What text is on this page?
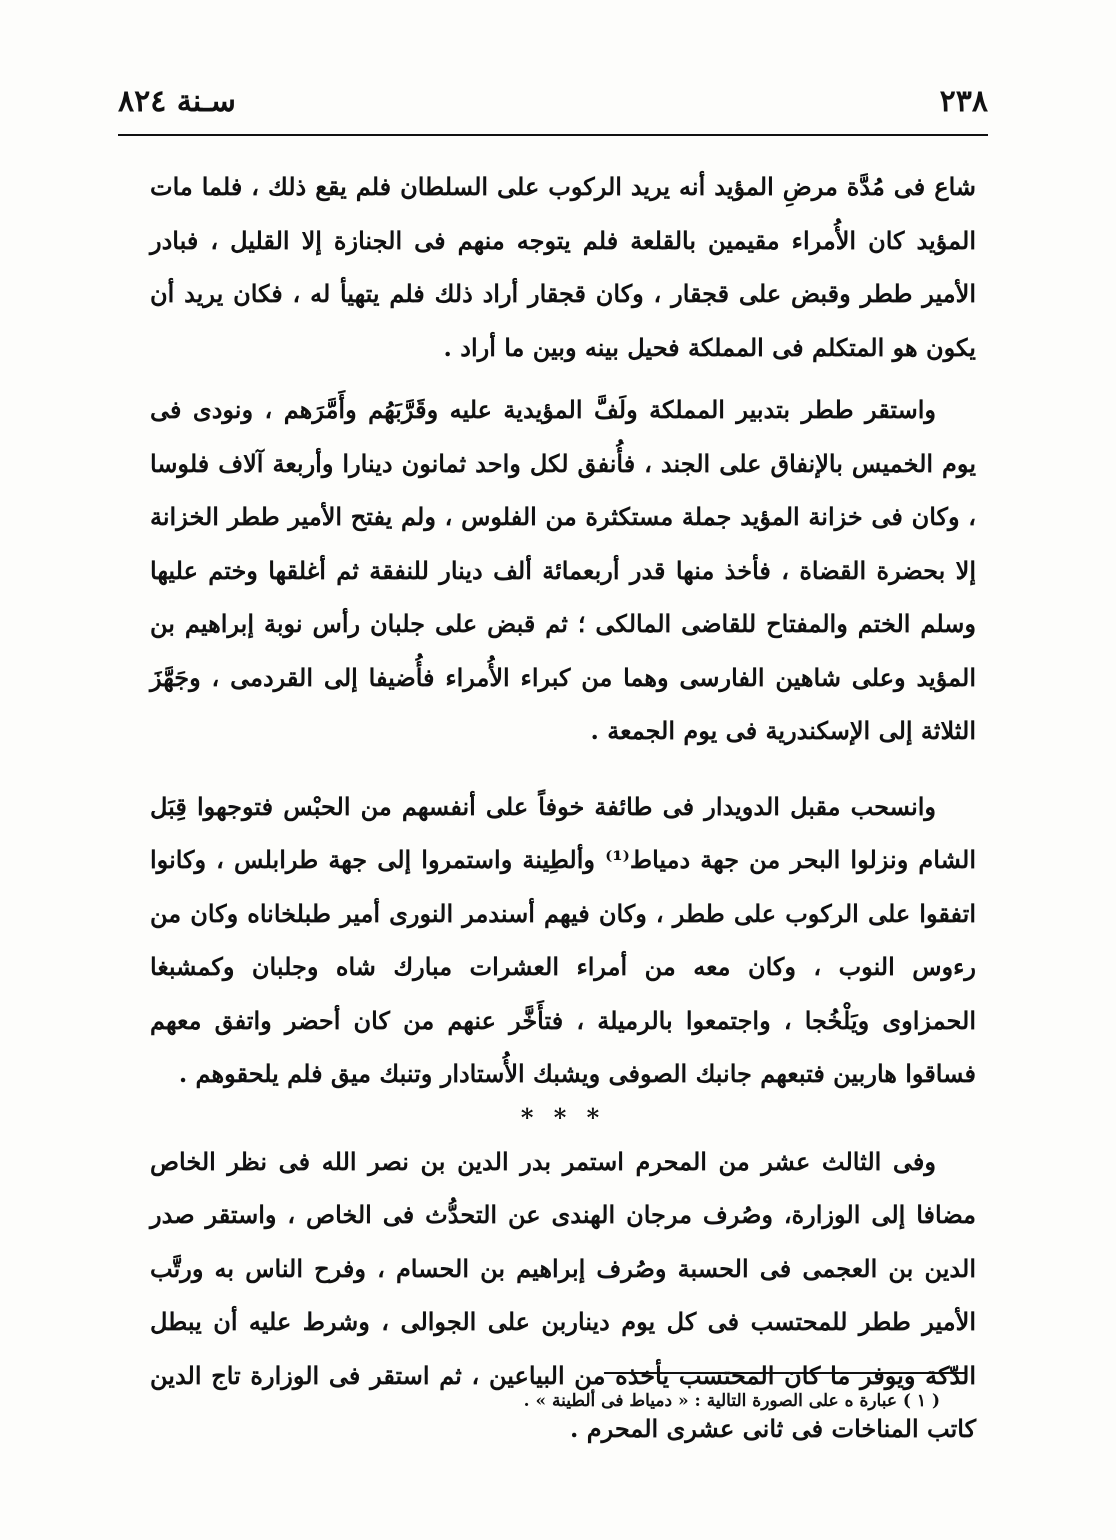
٢٣٨
سـنة ٨٢٤

شاع فى مُدَّة مرضِ المؤيد أنه يريد الركوب على السلطان فلم يقع ذلك ، فلما مات المؤيد كان الأُمراء مقيمين بالقلعة فلم يتوجه منهم فى الجنازة إلا القليل ، فبادر الأمير ططر وقبض على قجقار ، وكان قجقار أراد ذلك فلم يتهيأ له ، فكان يريد أن يكون هو المتكلم فى المملكة فحيل بينه وبين ما أراد .

واستقر ططر بتدبير المملكة ولَفَّ المؤيدية عليه وقَرَّبَهُم وأَمَّرَهم ، ونودى فى يوم الخميس بالإنفاق على الجند ، فأُنفق لكل واحد ثمانون دينارا وأربعة آلاف فلوسا ، وكان فى خزانة المؤيد جملة مستكثرة من الفلوس ، ولم يفتح الأمير ططر الخزانة إلا بحضرة القضاة ، فأخذ منها قدر أربعمائة ألف دينار للنفقة ثم أغلقها وختم عليها وسلم الختم والمفتاح للقاضى المالكى ؛ ثم قبض على جلبان رأس نوبة إبراهيم بن المؤيد وعلى شاهين الفارسى وهما من كبراء الأُمراء فأُضيفا إلى القردمى ، وجَهَّزَ الثلاثة إلى الإسكندرية فى يوم الجمعة .

وانسحب مقبل الدويدار فى طائفة خوفاً على أنفسهم من الحبْس فتوجهوا قِبَل الشام ونزلوا البحر من جهة دمياط⁽¹⁾ وألطِينة واستمروا إلى جهة طرابلس ، وكانوا اتفقوا على الركوب على ططر ، وكان فيهم أسندمر النورى أمير طبلخاناه وكان من رءوس النوب ، وكان معه من أمراء العشرات مبارك شاه وجلبان وكمشبغا الحمزاوى ويَلْخُجا ، واجتمعوا بالرميلة ، فتأَخَّر عنهم من كان أحضر واتفق معهم فساقوا هاربين فتبعهم جانبك الصوفى ويشبك الأُستادار وتنبك ميق فلم يلحقوهم .

* * *

وفى الثالث عشر من المحرم استمر بدر الدين بن نصر الله فى نظر الخاص مضافا إلى الوزارة، وصُرف مرجان الهندى عن التحدُّث فى الخاص ، واستقر صدر الدين بن العجمى فى الحسبة وصُرف إبراهيم بن الحسام ، وفرح الناس به ورتَّب الأمير ططر للمحتسب فى كل يوم ديناربن على الجوالى ، وشرط عليه أن يبطل الدّكة ويوفر ما كان المحتسب يأخذه من البياعين ، ثم استقر فى الوزارة تاج الدين كاتب المناخات فى ثانى عشرى المحرم .

( ١ ) عبارة ه على الصورة التالية : « دمياط فى ألطينة » .
